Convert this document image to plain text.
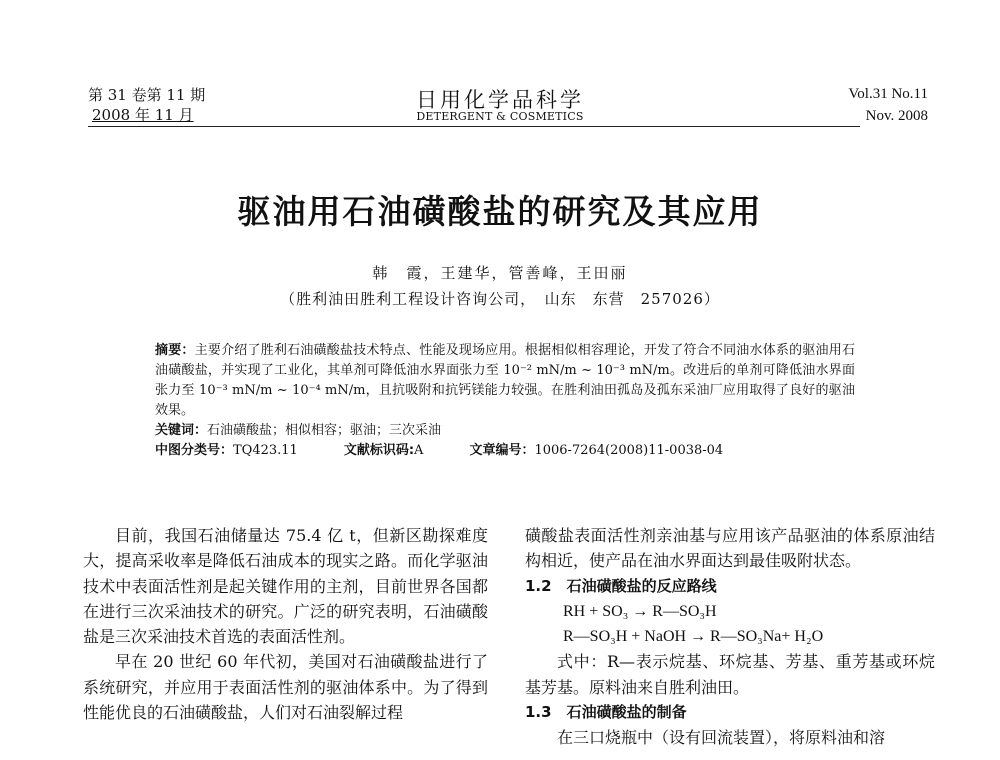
第 31 卷第 11 期
2008 年 11 月
日用化学品科学
DETERGENT & COSMETICS
Vol.31 No.11
Nov. 2008
驱油用石油磺酸盐的研究及其应用
韩　霞，王建华，管善峰，王田丽
（胜利油田胜利工程设计咨询公司，　山东　东营　257026）

摘要：主要介绍了胜利石油磺酸盐技术特点、性能及现场应用。根据相似相容理论，开发了符合不同油水体系的驱油用石油磺酸盐，并实现了工业化，其单剂可降低油水界面张力至 10⁻² mN/m ~ 10⁻³ mN/m。改进后的单剂可降低油水界面张力至 10⁻³ mN/m ~ 10⁻⁴ mN/m，且抗吸附和抗钙镁能力较强。在胜利油田孤岛及孤东采油厂应用取得了良好的驱油效果。

关键词：石油磺酸盐；相似相容；驱油；三次采油

中图分类号：TQ423.11	文献标识码:A	文章编号：1006-7264(2008)11-0038-04

目前，我国石油储量达 75.4 亿 t，但新区勘探难度大，提高采收率是降低石油成本的现实之路。而化学驱油技术中表面活性剂是起关键作用的主剂，目前世界各国都在进行三次采油技术的研究。广泛的研究表明，石油磺酸盐是三次采油技术首选的表面活性剂。

早在 20 世纪 60 年代初，美国对石油磺酸盐进行了系统研究，并应用于表面活性剂的驱油体系中。为了得到性能优良的石油磺酸盐，人们对石油裂解过程

磺酸盐表面活性剂亲油基与应用该产品驱油的体系原油结构相近，使产品在油水界面达到最佳吸附状态。

1.2　石油磺酸盐的反应路线

RH + SO₃ → R—SO₃H

R—SO₃H + NaOH → R—SO₃Na+ H₂O

式中：R—表示烷基、环烷基、芳基、重芳基或环烷基芳基。原料油来自胜利油田。

1.3　石油磺酸盐的制备

在三口烧瓶中（设有回流装置），将原料油和溶
